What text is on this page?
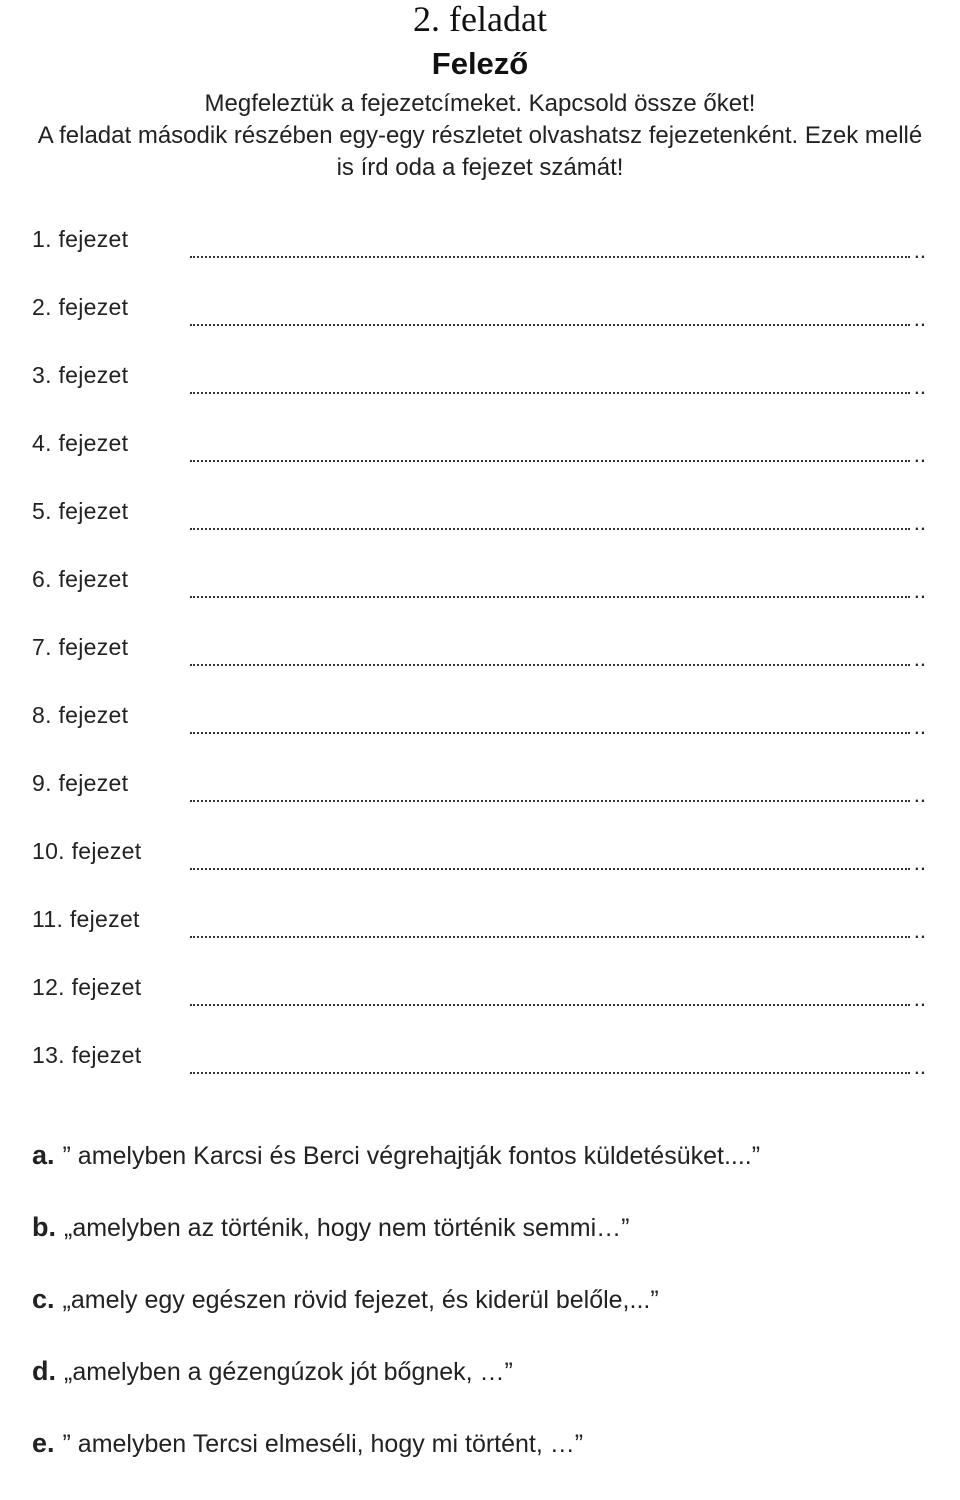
2. feladat
Felező
Megfeleztük a fejezetcímeket. Kapcsold össze őket!
A feladat második részében egy-egy részletet olvashatsz fejezetenként. Ezek mellé
is írd oda a fejezet számát!
1. fejezet
..
2. fejezet
..
3. fejezet
..
4. fejezet
..
5. fejezet
..
6. fejezet
..
7. fejezet
..
8. fejezet
..
9. fejezet
..
10. fejezet
..
11. fejezet
..
12. fejezet
..
13. fejezet
..
a. ” amelyben Karcsi és Berci végrehajtják fontos küldetésüket....”
b. „amelyben az történik, hogy nem történik semmi…”
c. „amely egy egészen rövid fejezet, és kiderül belőle,...”
d. „amelyben a gézengúzok jót bőgnek, …”
e. ” amelyben Tercsi elmeséli, hogy mi történt, …”
